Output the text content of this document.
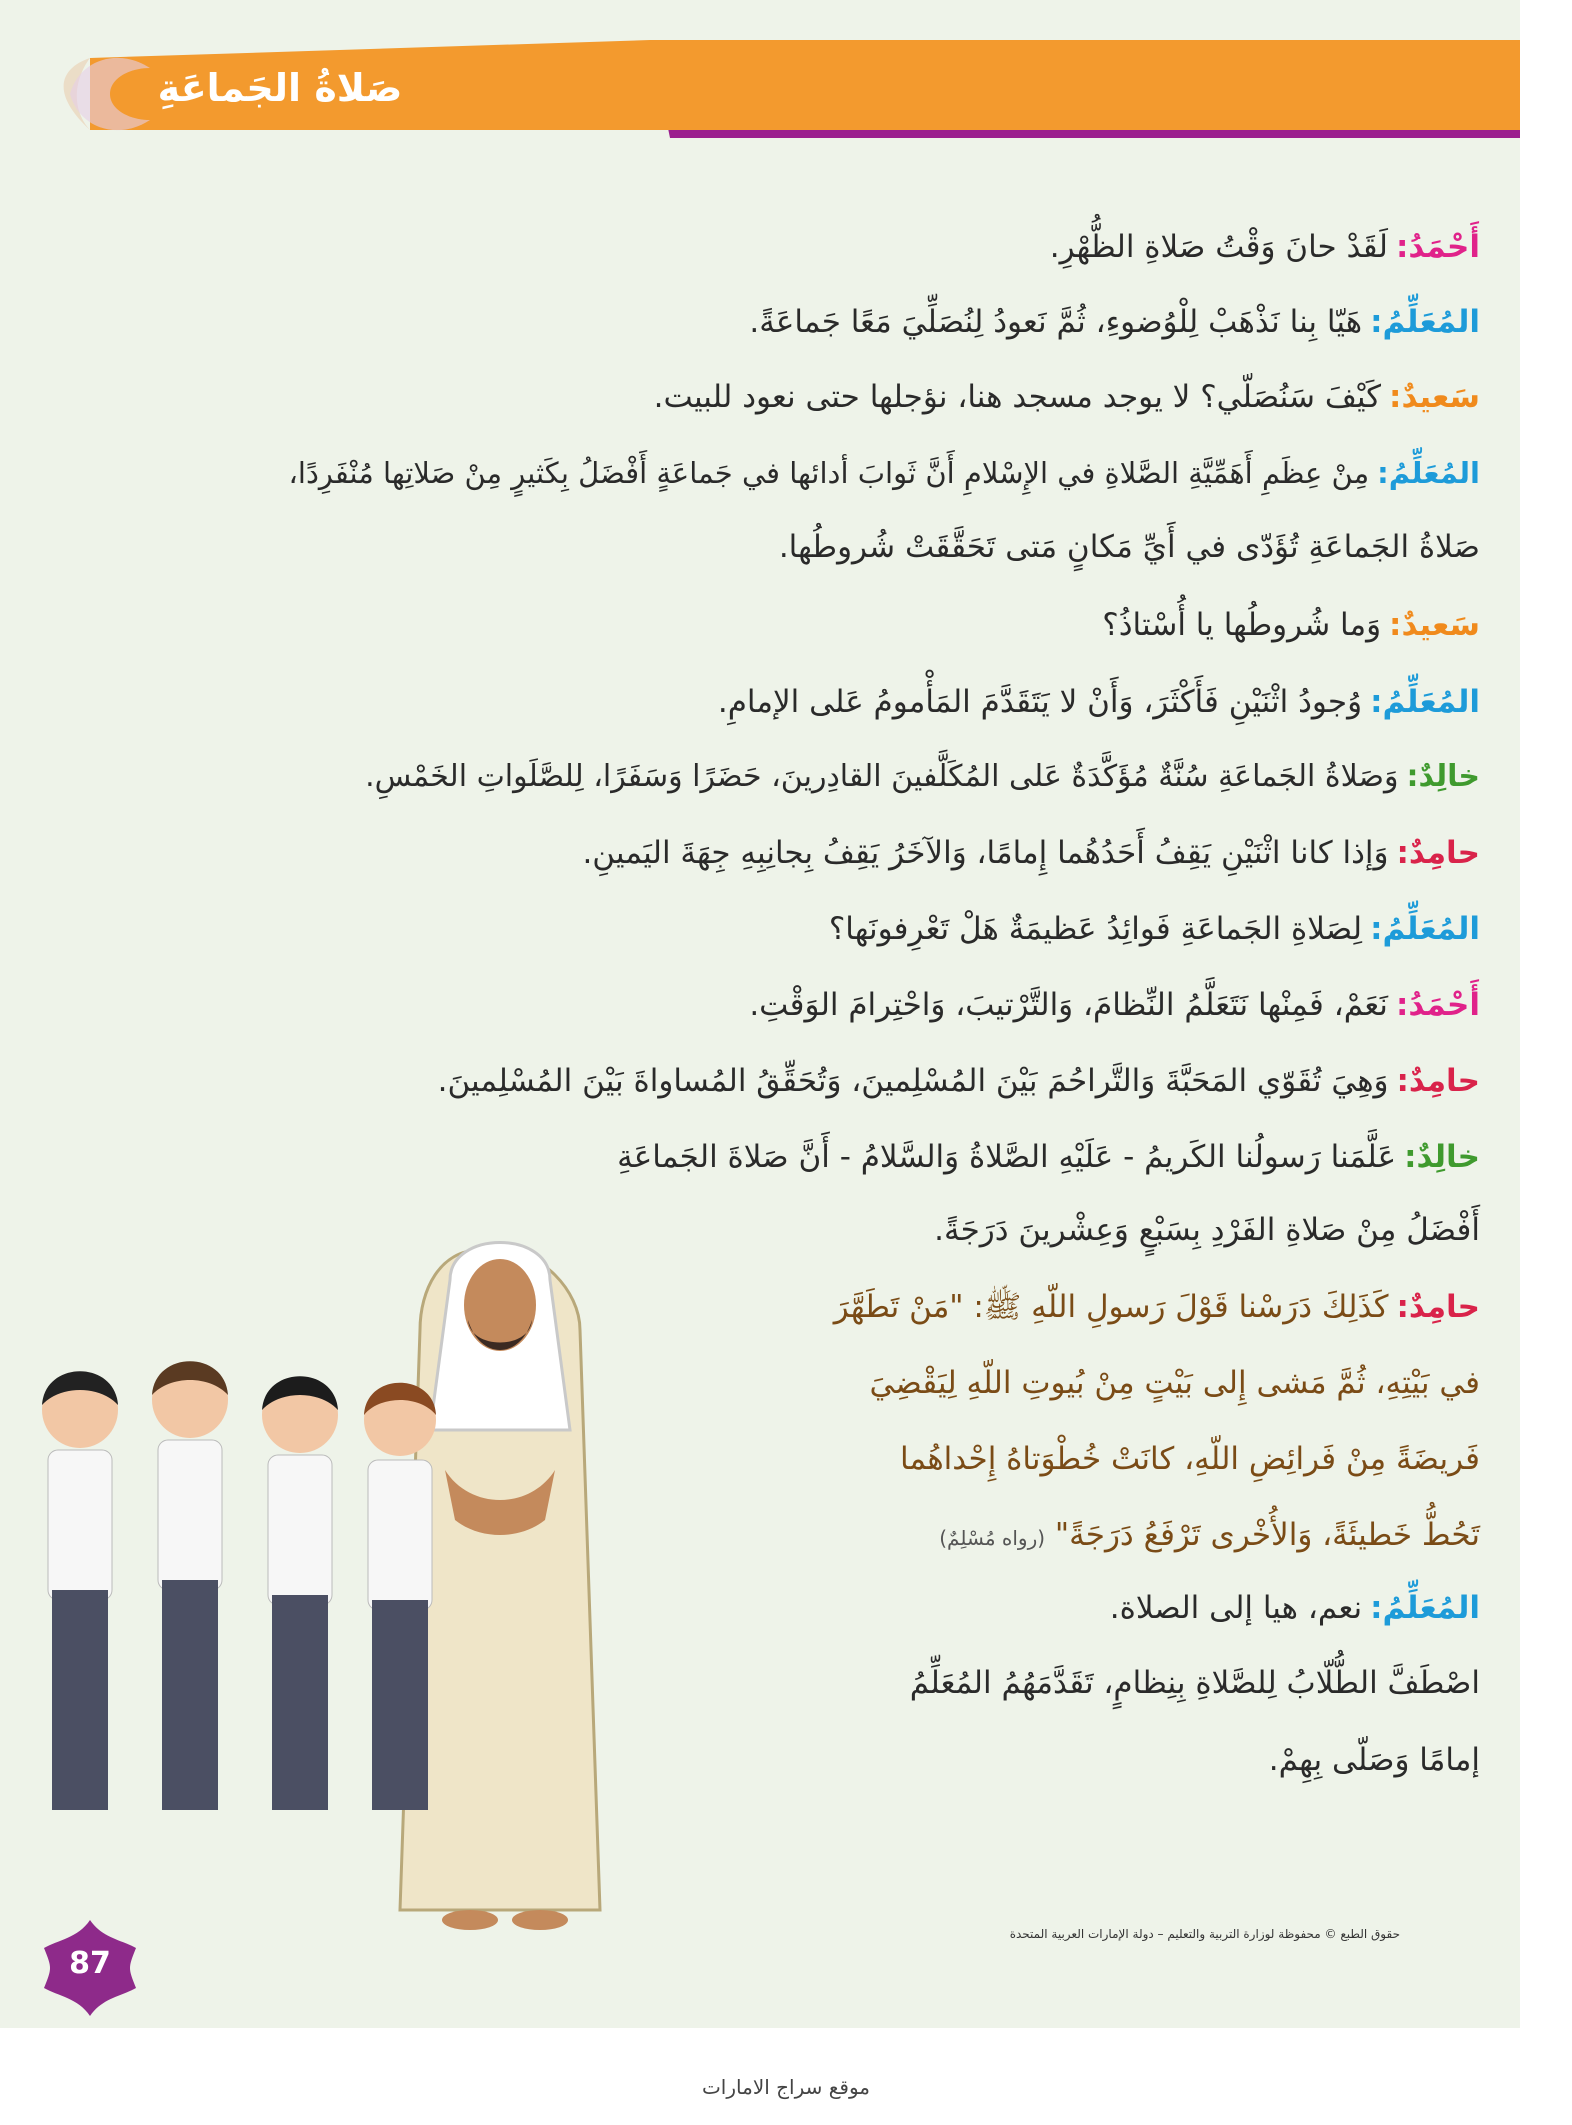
صَلاةُ الجَماعَةِ
أَحْمَدُ:لَقَدْ حانَ وَقْتُ صَلاةِ الظُّهْرِ.
المُعَلِّمُ:هَيّا بِنا نَذْهَبْ لِلْوُضوءِ، ثُمَّ نَعودُ لِنُصَلِّيَ مَعًا جَماعَةً.
سَعيدٌ:كَيْفَ سَنُصَلّي؟ لا يوجد مسجد هنا، نؤجلها حتى نعود للبيت.
المُعَلِّمُ:مِنْ عِظَمِ أَهَمِّيَّةِ الصَّلاةِ في الإِسْلامِ أَنَّ ثَوابَ أدائها في جَماعَةٍ أَفْضَلُ بِكَثيرٍ مِنْ صَلاتِها مُنْفَرِدًا،
صَلاةُ الجَماعَةِ تُؤَدّى في أَيِّ مَكانٍ مَتى تَحَقَّقَتْ شُروطُها.
سَعيدٌ:وَما شُروطُها يا أُسْتاذُ؟
المُعَلِّمُ:وُجودُ اثْنَيْنِ فَأَكْثَرَ، وَأَنْ لا يَتَقَدَّمَ المَأْمومُ عَلى الإمامِ.
خالِدٌ:وَصَلاةُ الجَماعَةِ سُنَّةٌ مُؤَكَّدَةٌ عَلى المُكَلَّفينَ القادِرينَ، حَضَرًا وَسَفَرًا، لِلصَّلَواتِ الخَمْسِ.
حامِدٌ:وَإذا كانا اثْنَيْنِ يَقِفُ أَحَدُهُما إِمامًا، وَالآخَرُ يَقِفُ بِجانِبِهِ جِهَةَ اليَمينِ.
المُعَلِّمُ:لِصَلاةِ الجَماعَةِ فَوائِدُ عَظيمَةٌ هَلْ تَعْرِفونَها؟
أَحْمَدُ:نَعَمْ، فَمِنْها نَتَعَلَّمُ النِّظامَ، وَالتَّرْتيبَ، وَاحْتِرامَ الوَقْتِ.
حامِدٌ:وَهِيَ تُقَوّي المَحَبَّةَ وَالتَّراحُمَ بَيْنَ المُسْلِمينَ، وَتُحَقِّقُ المُساواةَ بَيْنَ المُسْلِمينَ.
خالِدٌ:عَلَّمَنا رَسولُنا الكَريمُ - عَلَيْهِ الصَّلاةُ وَالسَّلامُ - أَنَّ صَلاةَ الجَماعَةِ
أَفْضَلُ مِنْ صَلاةِ الفَرْدِ بِسَبْعٍ وَعِشْرينَ دَرَجَةً.
حامِدٌ:كَذَلِكَ دَرَسْنا قَوْلَ رَسولِ اللّهِ ﷺ: "مَنْ تَطَهَّرَ
في بَيْتِهِ، ثُمَّ مَشى إِلى بَيْتٍ مِنْ بُيوتِ اللّهِ لِيَقْضِيَ
فَريضَةً مِنْ فَرائِضِ اللّهِ، كانَتْ خُطْوَتاهُ إِحْداهُما
تَحُطُّ خَطيئَةً، وَالأُخْرى تَرْفَعُ دَرَجَةً" (رواه مُسْلِمٌ)
المُعَلِّمُ:نعم، هيا إلى الصلاة.
اصْطَفَّ الطُّلّابُ لِلصَّلاةِ بِنِظامٍ، تَقَدَّمَهُمُ المُعَلِّمُ
إمامًا وَصَلّى بِهِمْ.
حقوق الطبع © محفوظة لوزارة التربية والتعليم – دولة الإمارات العربية المتحدة
87
موقع سراج الامارات
